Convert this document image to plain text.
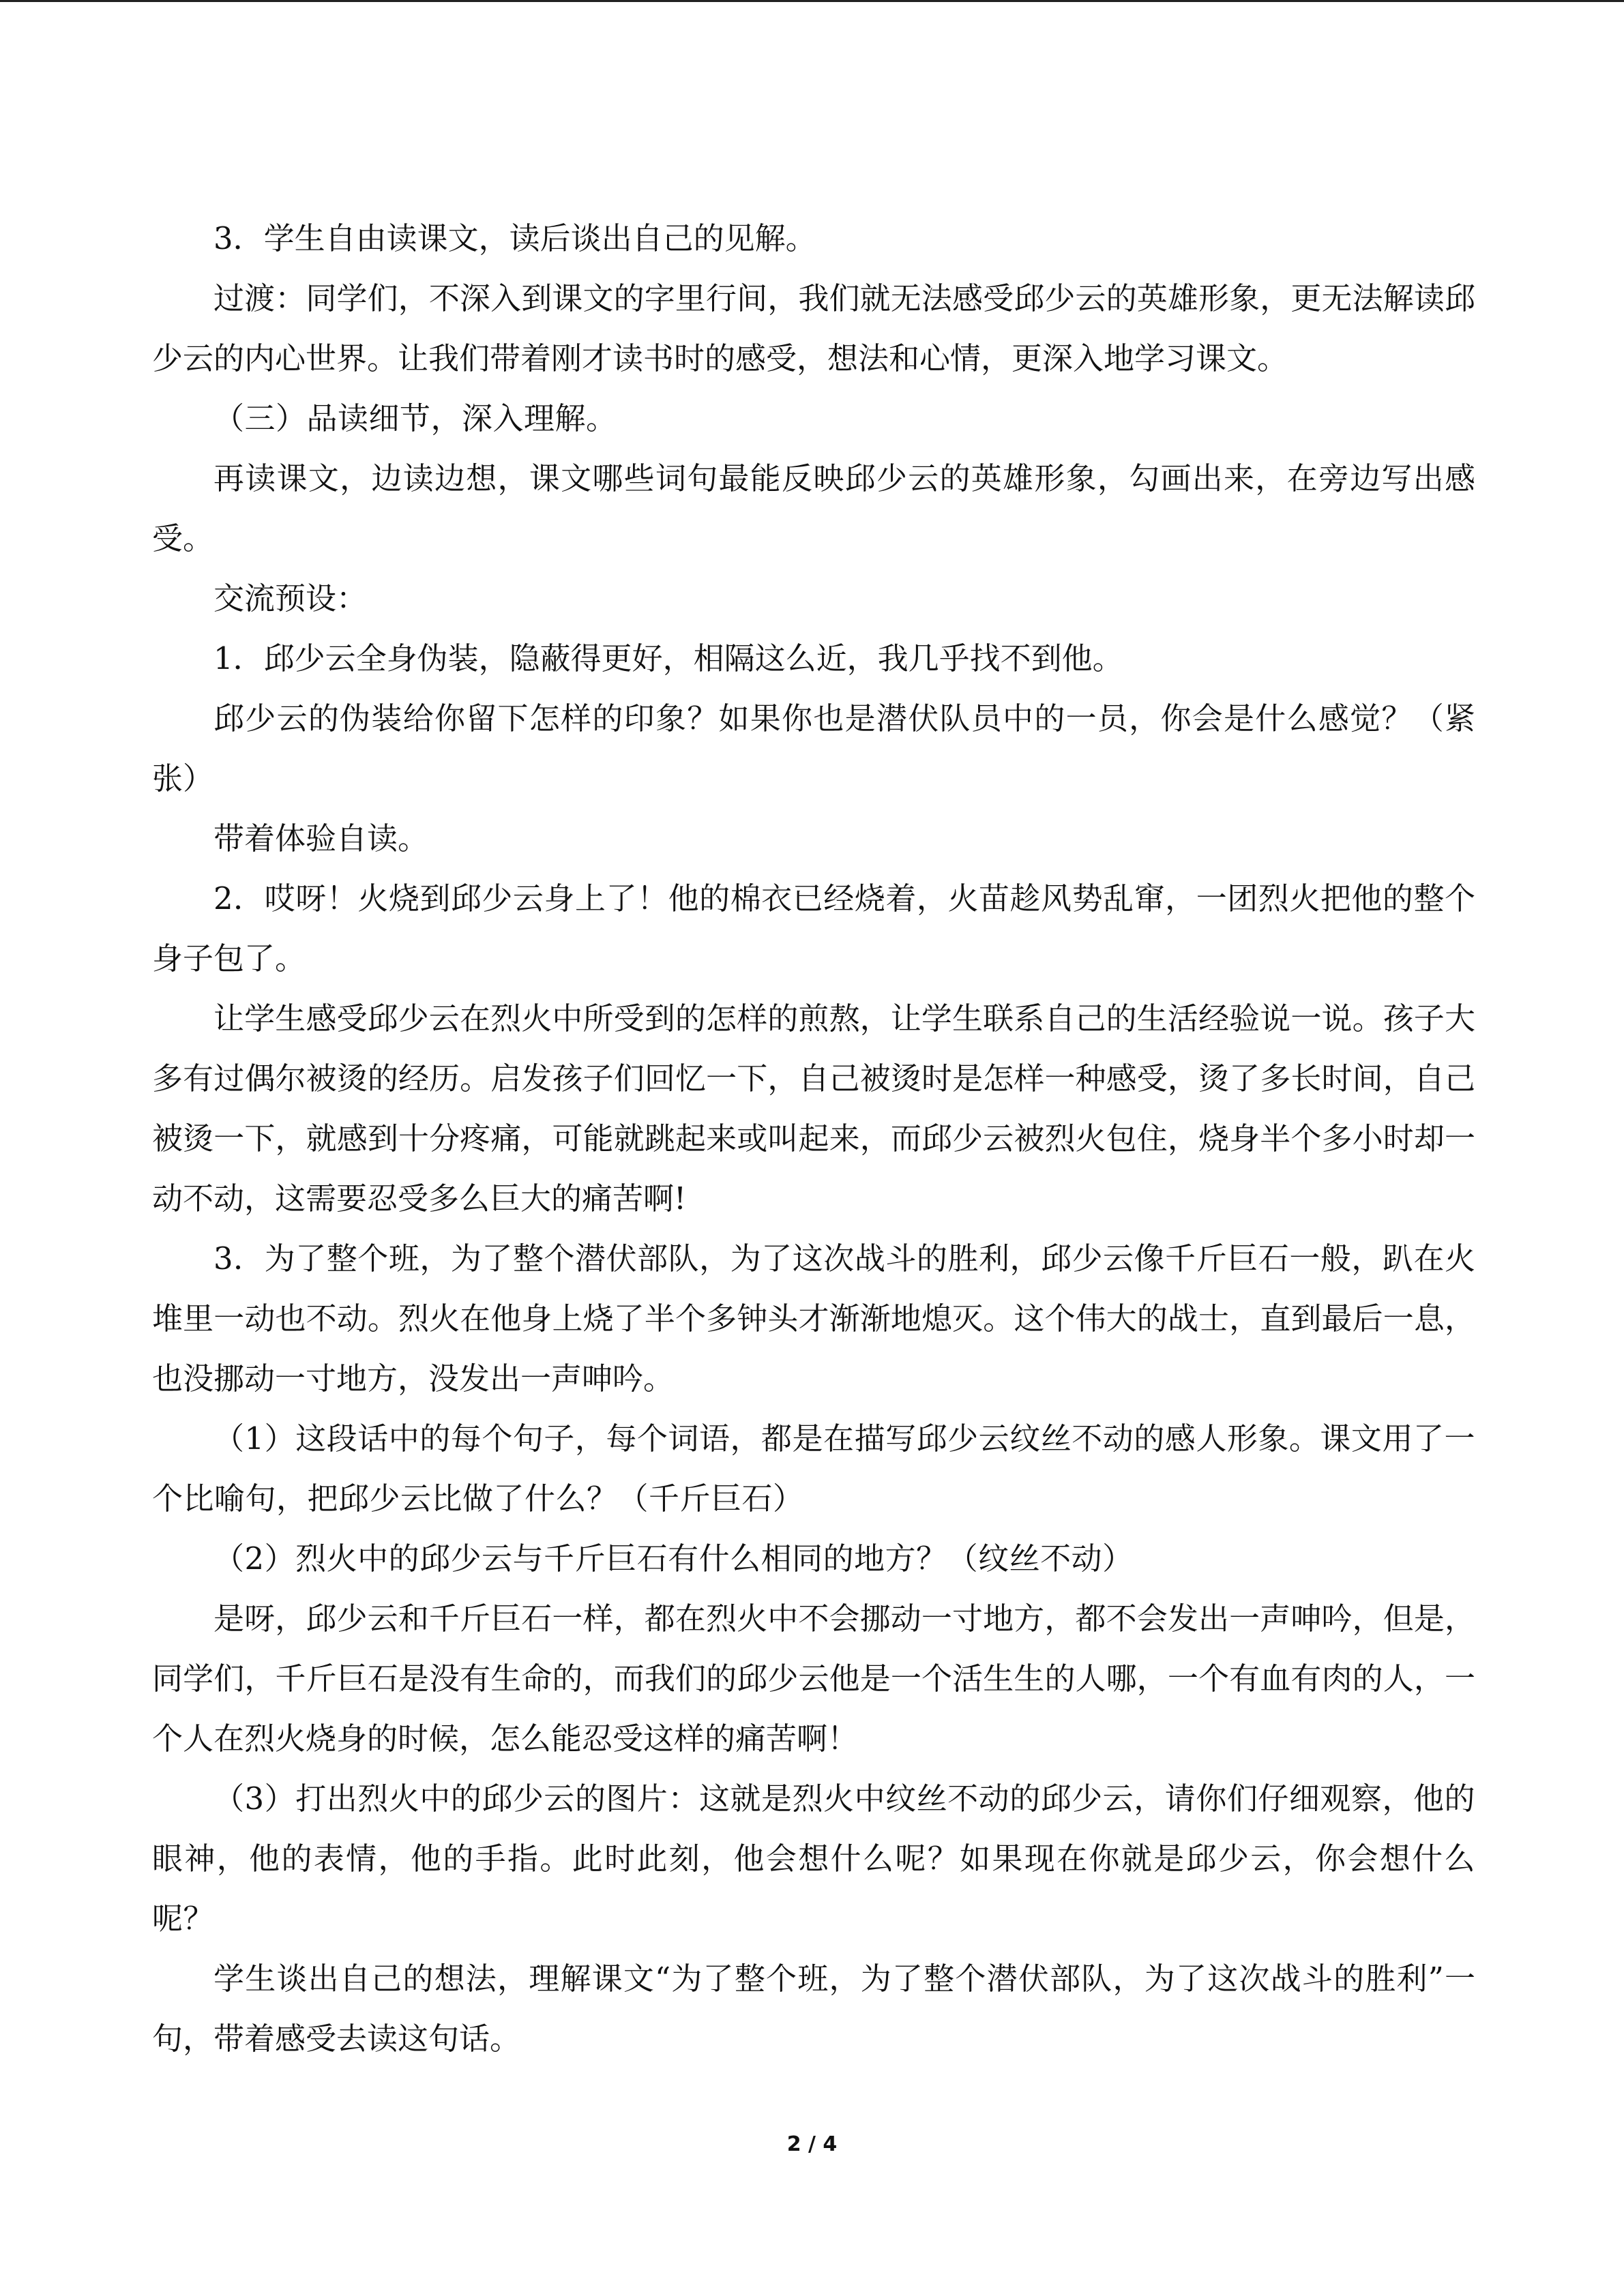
3．学生自由读课文，读后谈出自己的见解。

过渡：同学们，不深入到课文的字里行间，我们就无法感受邱少云的英雄形象，更无法解读邱少云的内心世界。让我们带着刚才读书时的感受，想法和心情，更深入地学习课文。

（三）品读细节，深入理解。

再读课文，边读边想，课文哪些词句最能反映邱少云的英雄形象，勾画出来，在旁边写出感受。

交流预设：

1．邱少云全身伪装，隐蔽得更好，相隔这么近，我几乎找不到他。

邱少云的伪装给你留下怎样的印象？如果你也是潜伏队员中的一员，你会是什么感觉？（紧张）

带着体验自读。

2．哎呀！火烧到邱少云身上了！他的棉衣已经烧着，火苗趁风势乱窜，一团烈火把他的整个身子包了。

让学生感受邱少云在烈火中所受到的怎样的煎熬，让学生联系自己的生活经验说一说。孩子大多有过偶尔被烫的经历。启发孩子们回忆一下，自己被烫时是怎样一种感受，烫了多长时间，自己被烫一下，就感到十分疼痛，可能就跳起来或叫起来，而邱少云被烈火包住，烧身半个多小时却一动不动，这需要忍受多么巨大的痛苦啊!

3．为了整个班，为了整个潜伏部队，为了这次战斗的胜利，邱少云像千斤巨石一般，趴在火堆里一动也不动。烈火在他身上烧了半个多钟头才渐渐地熄灭。这个伟大的战士，直到最后一息，也没挪动一寸地方，没发出一声呻吟。

（1）这段话中的每个句子，每个词语，都是在描写邱少云纹丝不动的感人形象。课文用了一个比喻句，把邱少云比做了什么？（千斤巨石）

（2）烈火中的邱少云与千斤巨石有什么相同的地方？（纹丝不动）

是呀，邱少云和千斤巨石一样，都在烈火中不会挪动一寸地方，都不会发出一声呻吟，但是，同学们，千斤巨石是没有生命的，而我们的邱少云他是一个活生生的人哪，一个有血有肉的人，一个人在烈火烧身的时候，怎么能忍受这样的痛苦啊！

（3）打出烈火中的邱少云的图片：这就是烈火中纹丝不动的邱少云，请你们仔细观察，他的眼神，他的表情，他的手指。此时此刻，他会想什么呢？如果现在你就是邱少云，你会想什么呢？

学生谈出自己的想法，理解课文“为了整个班，为了整个潜伏部队，为了这次战斗的胜利”一句，带着感受去读这句话。

2 / 4
